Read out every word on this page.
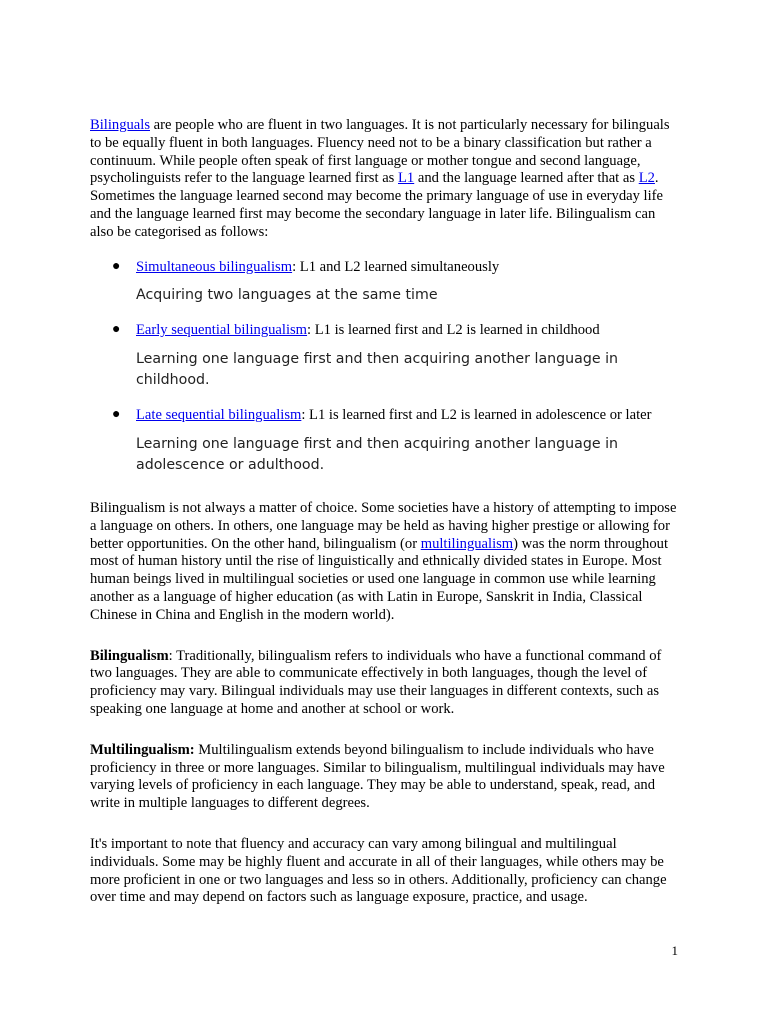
Bilinguals are people who are fluent in two languages. It is not particularly necessary for bilinguals to be equally fluent in both languages. Fluency need not to be a binary classification but rather a continuum. While people often speak of first language or mother tongue and second language, psycholinguists refer to the language learned first as L1 and the language learned after that as L2. Sometimes the language learned second may become the primary language of use in everyday life and the language learned first may become the secondary language in later life. Bilingualism can also be categorised as follows:

● Simultaneous bilingualism: L1 and L2 learned simultaneously
Acquiring two languages at the same time
● Early sequential bilingualism: L1 is learned first and L2 is learned in childhood
Learning one language first and then acquiring another language in childhood.
● Late sequential bilingualism: L1 is learned first and L2 is learned in adolescence or later
Learning one language first and then acquiring another language in adolescence or adulthood.

Bilingualism is not always a matter of choice. Some societies have a history of attempting to impose a language on others. In others, one language may be held as having higher prestige or allowing for better opportunities. On the other hand, bilingualism (or multilingualism) was the norm throughout most of human history until the rise of linguistically and ethnically divided states in Europe. Most human beings lived in multilingual societies or used one language in common use while learning another as a language of higher education (as with Latin in Europe, Sanskrit in India, Classical Chinese in China and English in the modern world).

Bilingualism: Traditionally, bilingualism refers to individuals who have a functional command of two languages. They are able to communicate effectively in both languages, though the level of proficiency may vary. Bilingual individuals may use their languages in different contexts, such as speaking one language at home and another at school or work.

Multilingualism: Multilingualism extends beyond bilingualism to include individuals who have proficiency in three or more languages. Similar to bilingualism, multilingual individuals may have varying levels of proficiency in each language. They may be able to understand, speak, read, and write in multiple languages to different degrees.

It's important to note that fluency and accuracy can vary among bilingual and multilingual individuals. Some may be highly fluent and accurate in all of their languages, while others may be more proficient in one or two languages and less so in others. Additionally, proficiency can change over time and may depend on factors such as language exposure, practice, and usage.

1
